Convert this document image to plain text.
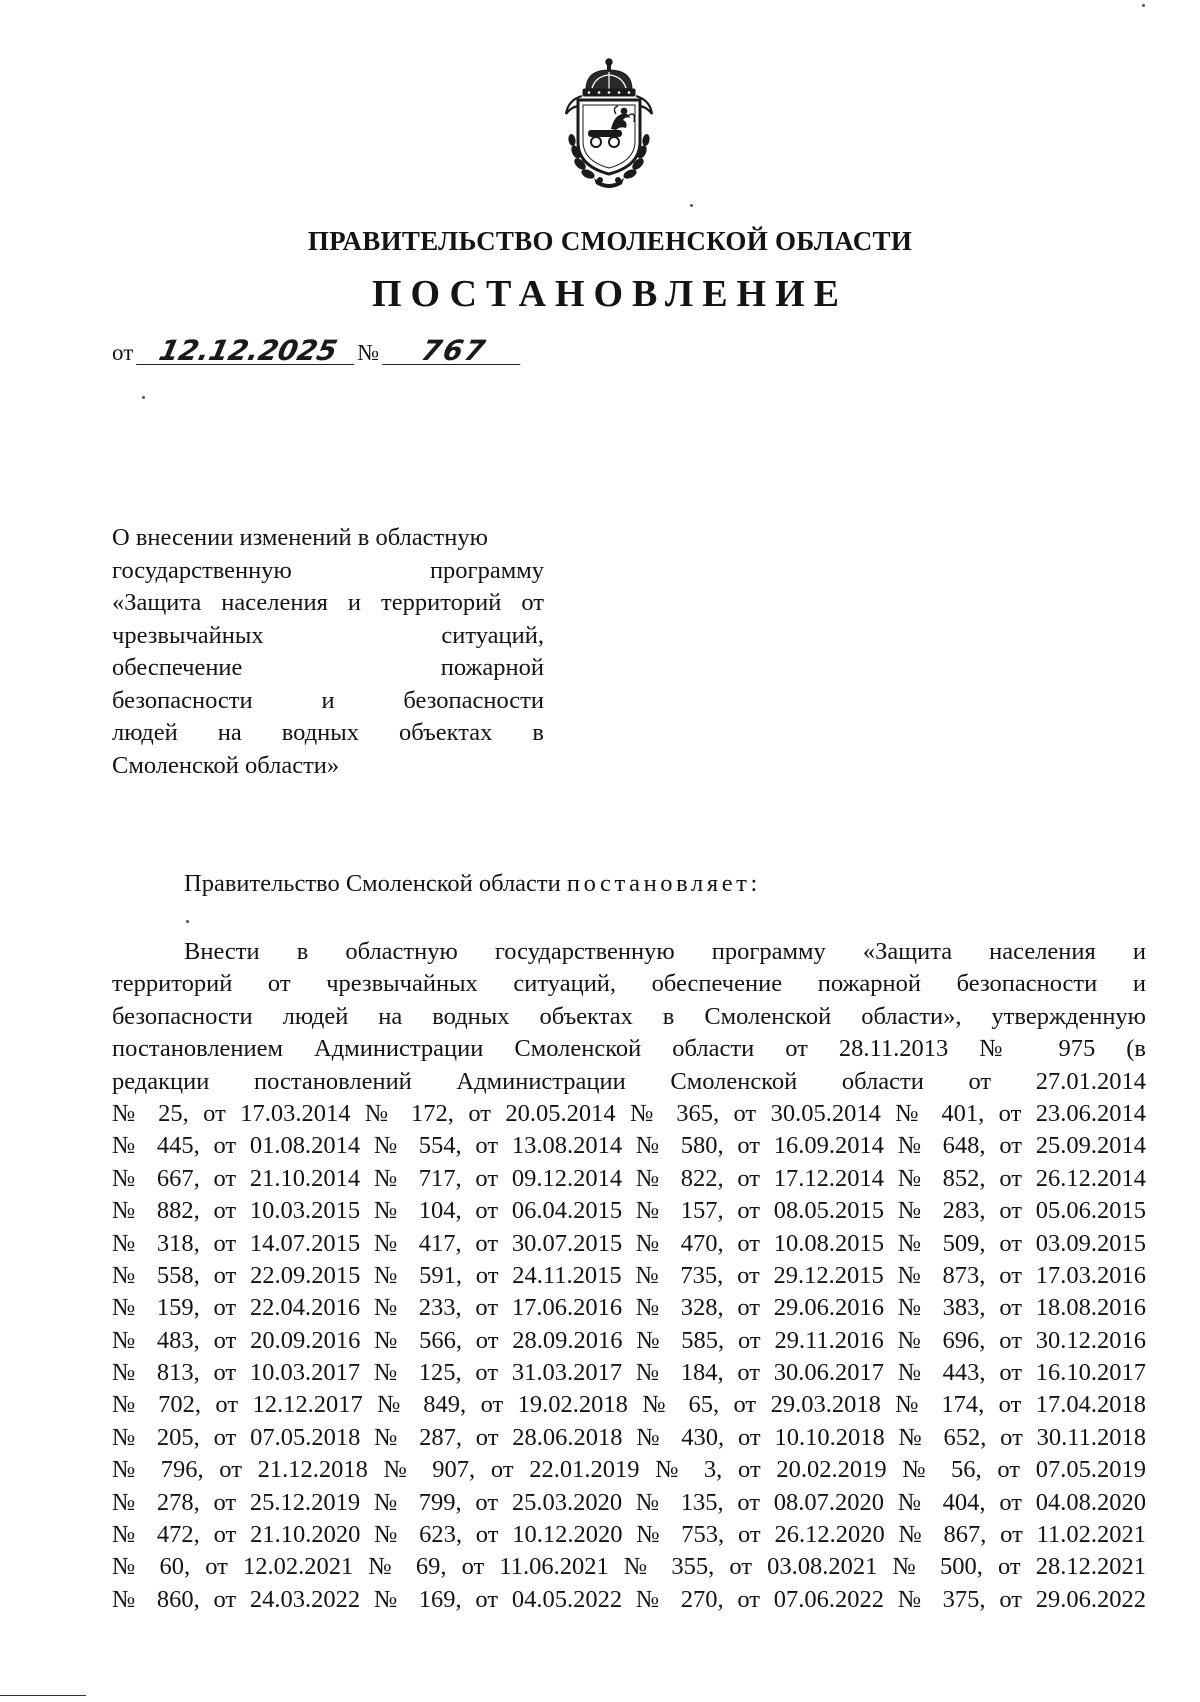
ПРАВИТЕЛЬСТВО СМОЛЕНСКОЙ ОБЛАСТИ
ПОСТАНОВЛЕНИЕ
от 12.12.2025 № 767
О внесении изменений в областную
государственную программу
«Защита населения и территорий от
чрезвычайных ситуаций,
обеспечение пожарной
безопасности и безопасности
людей на водных объектах в
Смоленской области»
Правительство Смоленской области постановляет:
Внести в областную государственную программу «Защита населения и
территорий от чрезвычайных ситуаций, обеспечение пожарной безопасности и
безопасности людей на водных объектах в Смоленской области», утвержденную
постановлением Администрации Смоленской области от 28.11.2013 № 975 (в
редакции постановлений Администрации Смоленской области от 27.01.2014
№ 25, от 17.03.2014 № 172, от 20.05.2014 № 365, от 30.05.2014 № 401, от 23.06.2014
№ 445, от 01.08.2014 № 554, от 13.08.2014 № 580, от 16.09.2014 № 648, от 25.09.2014
№ 667, от 21.10.2014 № 717, от 09.12.2014 № 822, от 17.12.2014 № 852, от 26.12.2014
№ 882, от 10.03.2015 № 104, от 06.04.2015 № 157, от 08.05.2015 № 283, от 05.06.2015
№ 318, от 14.07.2015 № 417, от 30.07.2015 № 470, от 10.08.2015 № 509, от 03.09.2015
№ 558, от 22.09.2015 № 591, от 24.11.2015 № 735, от 29.12.2015 № 873, от 17.03.2016
№ 159, от 22.04.2016 № 233, от 17.06.2016 № 328, от 29.06.2016 № 383, от 18.08.2016
№ 483, от 20.09.2016 № 566, от 28.09.2016 № 585, от 29.11.2016 № 696, от 30.12.2016
№ 813, от 10.03.2017 № 125, от 31.03.2017 № 184, от 30.06.2017 № 443, от 16.10.2017
№ 702, от 12.12.2017 № 849, от 19.02.2018 № 65, от 29.03.2018 № 174, от 17.04.2018
№ 205, от 07.05.2018 № 287, от 28.06.2018 № 430, от 10.10.2018 № 652, от 30.11.2018
№ 796, от 21.12.2018 № 907, от 22.01.2019 № 3, от 20.02.2019 № 56, от 07.05.2019
№ 278, от 25.12.2019 № 799, от 25.03.2020 № 135, от 08.07.2020 № 404, от 04.08.2020
№ 472, от 21.10.2020 № 623, от 10.12.2020 № 753, от 26.12.2020 № 867, от 11.02.2021
№ 60, от 12.02.2021 № 69, от 11.06.2021 № 355, от 03.08.2021 № 500, от 28.12.2021
№ 860, от 24.03.2022 № 169, от 04.05.2022 № 270, от 07.06.2022 № 375, от 29.06.2022
